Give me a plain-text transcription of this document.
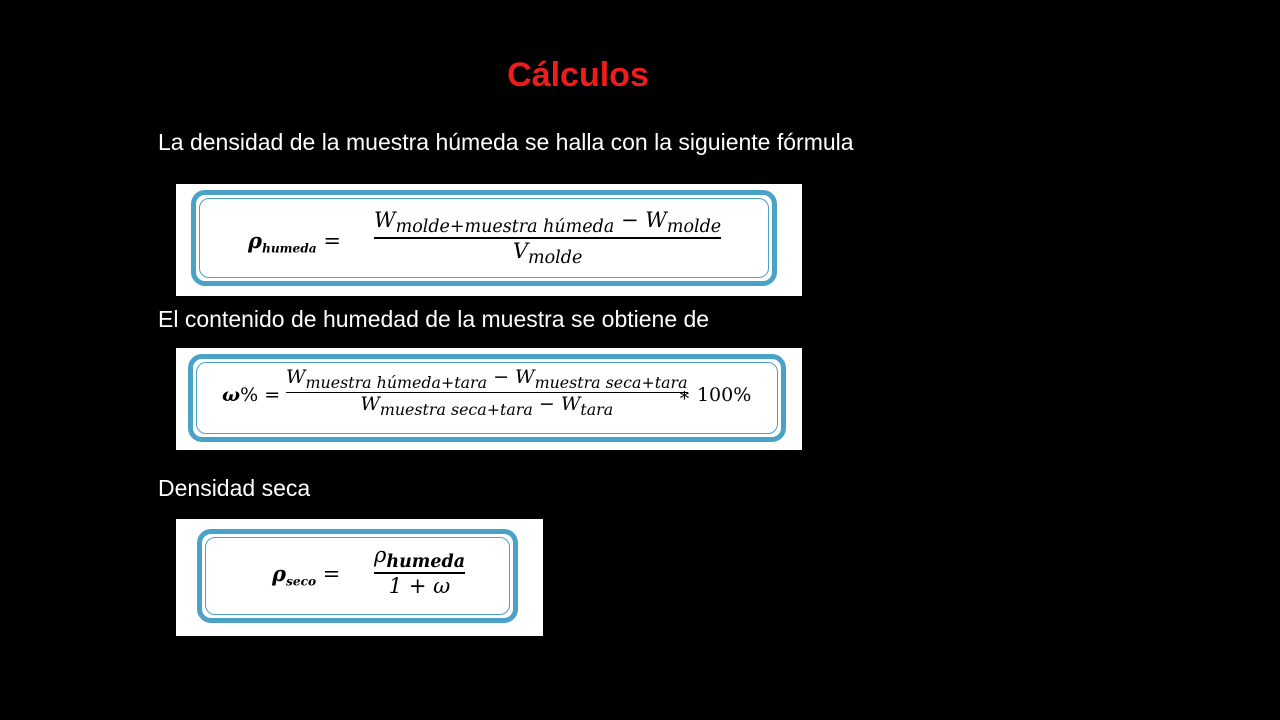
Cálculos

La densidad de la muestra húmeda se halla con la siguiente fórmula

$\rho_{humeda}$ =
$W_{molde+muestra húmeda} - W_{molde}$
$V_{molde}$

El contenido de humedad de la muestra se obtiene de

ω% =
$W_{muestra húmeda+tara} - W_{muestra seca+tara}$
$W_{muestra seca+tara} - W_{tara}$
∗ 100%

Densidad seca

$\rho_{seco}$ =
$\rho_{humeda}$
1 + ω
